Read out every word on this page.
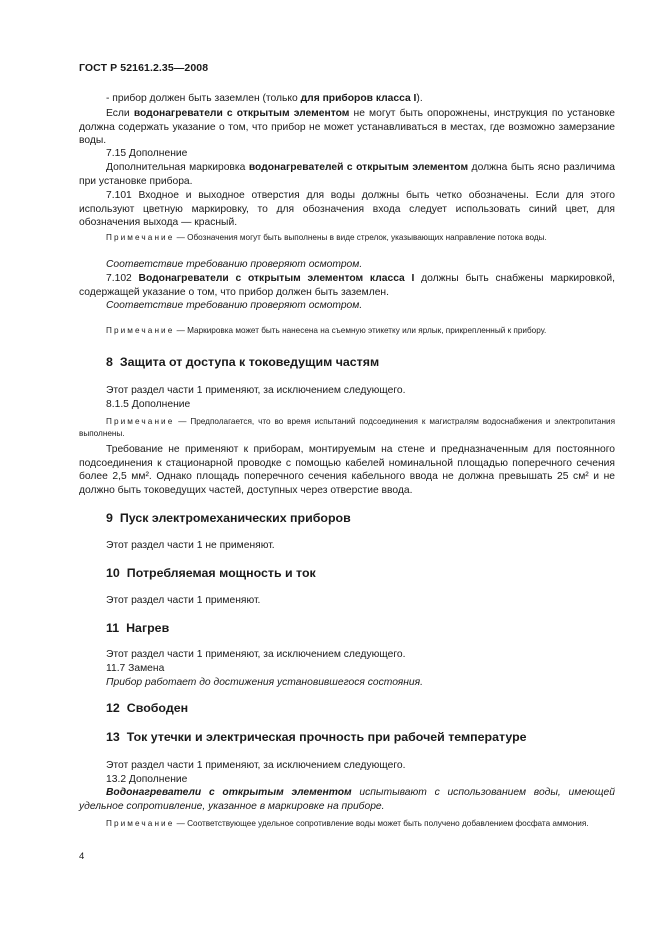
ГОСТ Р 52161.2.35—2008
- прибор должен быть заземлен (только для приборов класса I).
Если водонагреватели с открытым элементом не могут быть опорожнены, инструкция по установке должна содержать указание о том, что прибор не может устанавливаться в местах, где возможно замерзание воды.
7.15 Дополнение
Дополнительная маркировка водонагревателей с открытым элементом должна быть ясно различима при установке прибора.
7.101 Входное и выходное отверстия для воды должны быть четко обозначены. Если для этого используют цветную маркировку, то для обозначения входа следует использовать синий цвет, для обозначения выхода — красный.
Примечание — Обозначения могут быть выполнены в виде стрелок, указывающих направление потока воды.
Соответствие требованию проверяют осмотром.
7.102 Водонагреватели с открытым элементом класса I должны быть снабжены маркировкой, содержащей указание о том, что прибор должен быть заземлен.
Соответствие требованию проверяют осмотром.
Примечание — Маркировка может быть нанесена на съемную этикетку или ярлык, прикрепленный к прибору.
8 Защита от доступа к токоведущим частям
Этот раздел части 1 применяют, за исключением следующего.
8.1.5 Дополнение
Примечание — Предполагается, что во время испытаний подсоединения к магистралям водоснабжения и электропитания выполнены.
Требование не применяют к приборам, монтируемым на стене и предназначенным для постоянного подсоединения к стационарной проводке с помощью кабелей номинальной площадью поперечного сечения более 2,5 мм². Однако площадь поперечного сечения кабельного ввода не должна превышать 25 см² и не должно быть токоведущих частей, доступных через отверстие ввода.
9 Пуск электромеханических приборов
Этот раздел части 1 не применяют.
10 Потребляемая мощность и ток
Этот раздел части 1 применяют.
11 Нагрев
Этот раздел части 1 применяют, за исключением следующего.
11.7 Замена
Прибор работает до достижения установившегося состояния.
12 Свободен
13 Ток утечки и электрическая прочность при рабочей температуре
Этот раздел части 1 применяют, за исключением следующего.
13.2 Дополнение
Водонагреватели с открытым элементом испытывают с использованием воды, имеющей удельное сопротивление, указанное в маркировке на приборе.
Примечание — Соответствующее удельное сопротивление воды может быть получено добавлением фосфата аммония.
4
